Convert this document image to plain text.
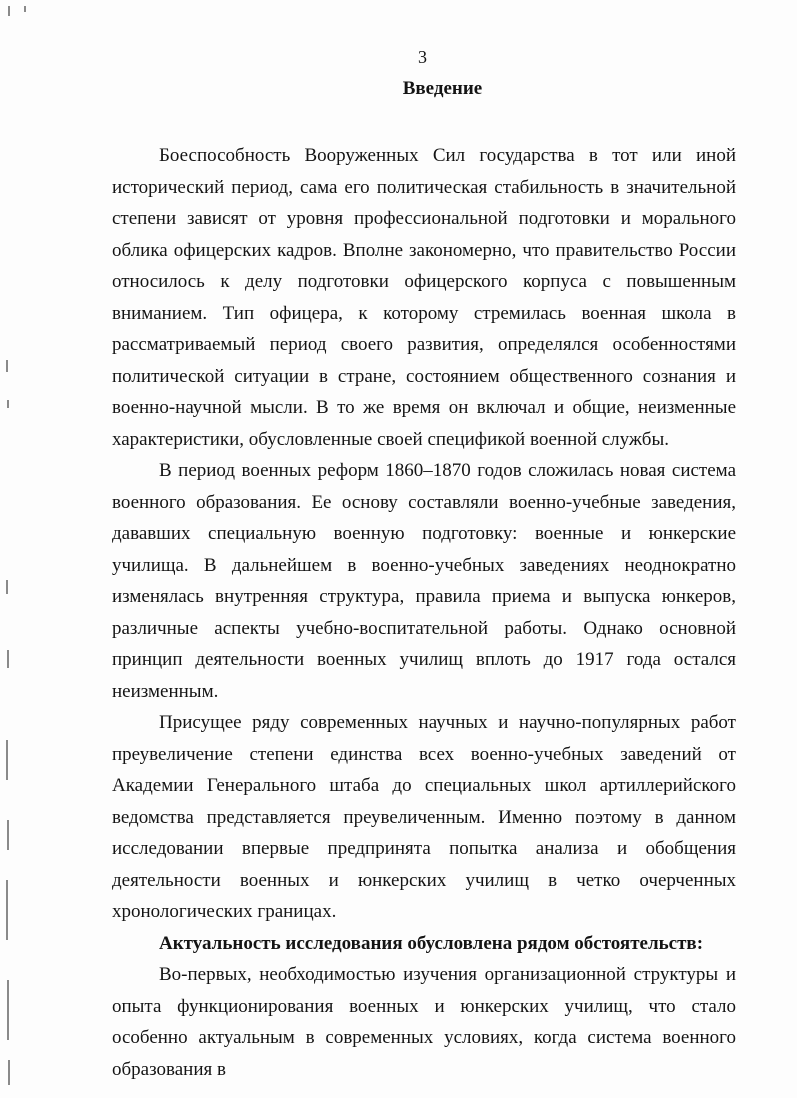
3
Введение

Боеспособность Вооруженных Сил государства в тот или иной исторический период, сама его политическая стабильность в значительной степени зависят от уровня профессиональной подготовки и морального облика офицерских кадров. Вполне закономерно, что правительство России относилось к делу подготовки офицерского корпуса с повышенным вниманием. Тип офицера, к которому стремилась военная школа в рассматриваемый период своего развития, определялся особенностями политической ситуации в стране, состоянием общественного сознания и военно-научной мысли. В то же время он включал и общие, неизменные характеристики, обусловленные своей спецификой военной службы.

В период военных реформ 1860–1870 годов сложилась новая система военного образования. Ее основу составляли военно-учебные заведения, дававших специальную военную подготовку: военные и юнкерские училища. В дальнейшем в военно-учебных заведениях неоднократно изменялась внутренняя структура, правила приема и выпуска юнкеров, различные аспекты учебно-воспитательной работы. Однако основной принцип деятельности военных училищ вплоть до 1917 года остался неизменным.

Присущее ряду современных научных и научно-популярных работ преувеличение степени единства всех военно-учебных заведений от Академии Генерального штаба до специальных школ артиллерийского ведомства представляется преувеличенным. Именно поэтому в данном исследовании впервые предпринята попытка анализа и обобщения деятельности военных и юнкерских училищ в четко очерченных хронологических границах.

Актуальность исследования обусловлена рядом обстоятельств:

Во-первых, необходимостью изучения организационной структуры и опыта функционирования военных и юнкерских училищ, что стало особенно актуальным в современных условиях, когда система военного образования в
